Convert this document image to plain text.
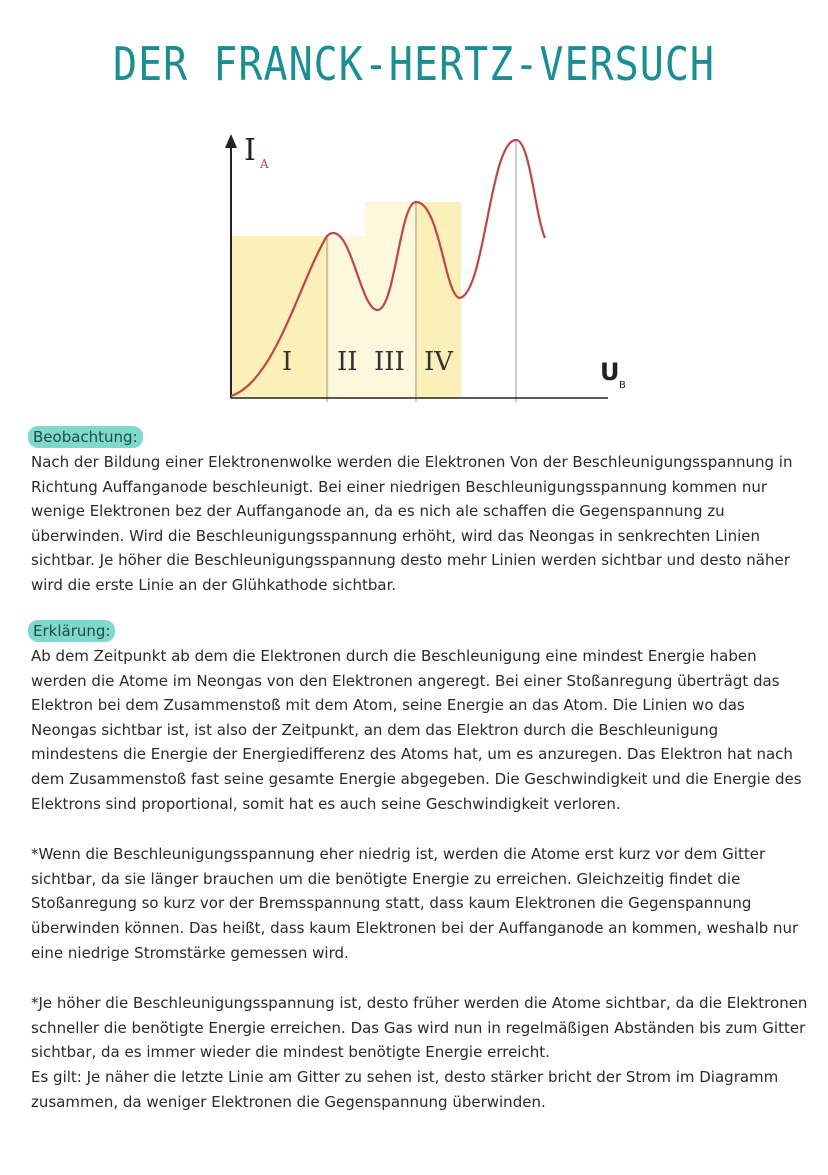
DER FRANCK-HERTZ-VERSUCH
I A
U B
I II III IV
Beobachtung:
Nach der Bildung einer Elektronenwolke werden die Elektronen Von der Beschleunigungsspannung in Richtung Auffanganode beschleunigt. Bei einer niedrigen Beschleunigungsspannung kommen nur wenige Elektronen bez der Auffanganode an, da es nich ale schaffen die Gegenspannung zu überwinden. Wird die Beschleunigungsspannung erhöht, wird das Neongas in senkrechten Linien sichtbar. Je höher die Beschleunigungsspannung desto mehr Linien werden sichtbar und desto näher wird die erste Linie an der Glühkathode sichtbar.
Erklärung:
Ab dem Zeitpunkt ab dem die Elektronen durch die Beschleunigung eine mindest Energie haben werden die Atome im Neongas von den Elektronen angeregt. Bei einer Stoßanregung überträgt das Elektron bei dem Zusammenstoß mit dem Atom, seine Energie an das Atom. Die Linien wo das Neongas sichtbar ist, ist also der Zeitpunkt, an dem das Elektron durch die Beschleunigung mindestens die Energie der Energiedifferenz des Atoms hat, um es anzuregen. Das Elektron hat nach dem Zusammenstoß fast seine gesamte Energie abgegeben. Die Geschwindigkeit und die Energie des Elektrons sind proportional, somit hat es auch seine Geschwindigkeit verloren.
*Wenn die Beschleunigungsspannung eher niedrig ist, werden die Atome erst kurz vor dem Gitter sichtbar, da sie länger brauchen um die benötigte Energie zu erreichen. Gleichzeitig findet die Stoßanregung so kurz vor der Bremsspannung statt, dass kaum Elektronen die Gegenspannung überwinden können. Das heißt, dass kaum Elektronen bei der Auffanganode an kommen, weshalb nur eine niedrige Stromstärke gemessen wird.
*Je höher die Beschleunigungsspannung ist, desto früher werden die Atome sichtbar, da die Elektronen schneller die benötigte Energie erreichen. Das Gas wird nun in regelmäßigen Abständen bis zum Gitter sichtbar, da es immer wieder die mindest benötigte Energie erreicht.
Es gilt: Je näher die letzte Linie am Gitter zu sehen ist, desto stärker bricht der Strom im Diagramm zusammen, da weniger Elektronen die Gegenspannung überwinden.
